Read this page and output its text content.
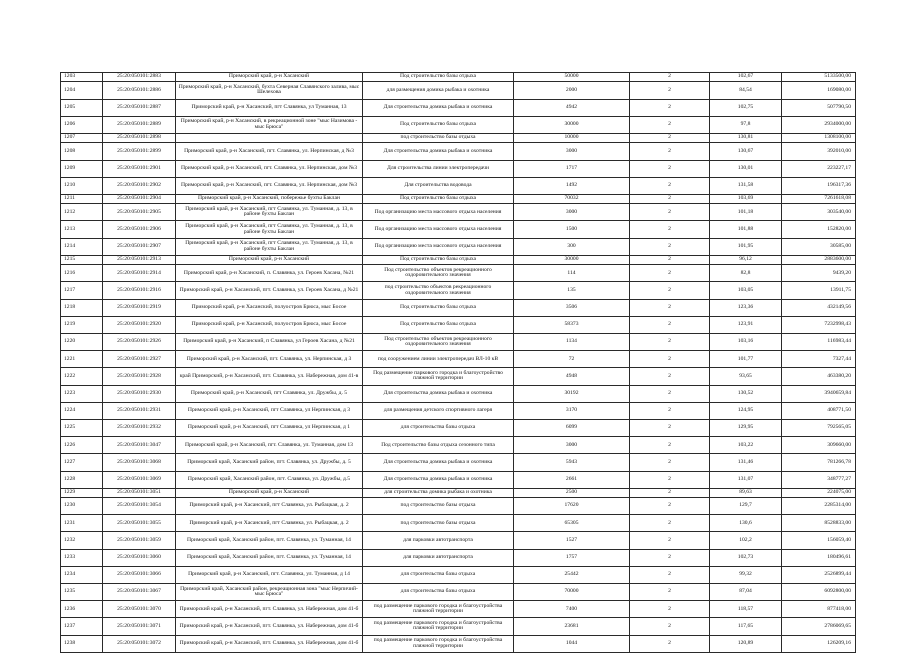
1203	25:20:050101:2883	Приморский край, р-н Хасанский	Под строительство базы отдыха	50000	2	102,67	5133500,00
1204	25:20:050101:2886	Приморский край, р-н Хасанский, бухта Северная Славянского залива, мыс Шелехова	для размещения домика рыбака и охотника	2000	2	84,54	169080,00
1205	25:20:050101:2887	Приморский край, р-н Хасанский, пгт Славянка, ул Туманная, 13	Для строительства домика рыбака и охотника	4942	2	102,75	507790,50
1206	25:20:050101:2889	Приморский край, р-н Хасанский, в рекреационной зоне "мыс Назимова - мыс Брюса"	Под строительство базы отдыха	30000	2	97,8	2934000,00
1207	25:20:050101:2898		под строительство базы отдыха	10000	2	130,81	1308100,00
1208	25:20:050101:2899	Приморский край, р-н Хасанский, пгт. Славянка, ул. Нерпинская, д №3	Для строительства домика рыбака и охотника	3000	2	130,67	392010,00
1209	25:20:050101:2901	Приморский край, р-н Хасанский, пгт. Славянка, ул. Нерпинская, дом №3	Для строительства линии электропередачи	1717	2	130,01	223227,17
1210	25:20:050101:2902	Приморский край, р-н Хасанский, пгт. Славянка, ул. Нерпинская, дом №3	Для строительства водовода	1492	2	131,58	196317,36
1211	25:20:050101:2904	Приморский край, р-н Хасанский, побережье бухты Баклан	Под строительство базы отдыха	70032	2	103,69	7261618,08
1212	25:20:050101:2905	Приморский край, р-н Хасанский, пгт Славянка, ул. Туманная, д. 13, в районе бухты Баклан	Под организацию места массового отдыха населения	3000	2	101,18	303540,00
1213	25:20:050101:2906	Приморский край, р-н Хасанский, пгт Славянка, ул. Туманная, д. 13, в районе бухты Баклан	Под организацию места массового отдыха населения	1500	2	101,88	152820,00
1214	25:20:050101:2907	Приморский край, р-н Хасанский, пгт Славянка, ул. Туманная, д. 13, в районе бухты Баклан	Под организацию места массового отдыха населения	300	2	101,95	30585,00
1215	25:20:050101:2913	Приморский край, р-н Хасанский	Под строительство базы отдыха	30000	2	96,12	2883600,00
1216	25:20:050101:2914	Приморский край, р-н Хасанский, п. Славянка, ул. Героев Хасана, №21	Под строительство объектов рекреационного оздоровительного значения	114	2	82,8	9439,20
1217	25:20:050101:2916	Приморский край, р-н Хасанский, пгт. Славянка, ул. Героев Хасана, д №21	под строительство объектов рекреационного оздоровительного значения	135	2	103,05	13911,75
1218	25:20:050101:2919	Приморский край, р-н Хасанский, полуостров Брюса, мыс Босое	Под строительство базы отдыха	3506	2	123,36	432149,56
1219	25:20:050101:2920	Приморский край, р-н Хасанский, полуостров Брюса, мыс Босое	Под строительство базы отдыха	58373	2	123,91	7232998,43
1220	25:20:050101:2926	Приморский край, р-н Хасанский, п Славянка, ул Героев Хасана, д №21	Под строительство объектов рекреационного оздоровительного значения	1134	2	103,16	116983,44
1221	25:20:050101:2927	Приморский край, р-н Хасанский, пгт. Славянка, ул. Нерпинская, д 3	под сооружением линии электропередач ВЛ-10 кВ	72	2	101,77	7327,44
1222	25:20:050101:2928	край Приморский, р-н Хасанский, пгт. Славянка, ул. Набережная, дом 41-в	Под размещение паркового городка и благоустройство пляжной территории	4948	2	93,65	463380,20
1223	25:20:050101:2930	Приморский край, р-н Хасанский, пгт Славянка, ул. Дружбы, д. 5	Для строительства домика рыбака и охотника	30192	2	130,52	3940659,84
1224	25:20:050101:2931	Приморский край, р-н Хасанский, пгт Славянка, ул Нерпинская, д 3	для размещения детского спортивного лагеря	3170	2	124,95	408771,50
1225	25:20:050101:2932	Приморский край, р-н Хасанский, пгт Славянка, ул Нерпинская, д 1	для строительства базы отдыха	6099	2	129,95	792565,05
1226	25:20:050101:3047	Приморский край, р-н Хасанский, пгт. Славянка, ул. Туманная, дом 13	Под строительство базы отдыха сезонного типа	3000	2	103,22	309660,00
1227	25:20:050101:3068	Приморский край, Хасанский район, пгт. Славянка, ул. Дружбы, д. 5	Для строительства домика рыбака и охотника	5943	2	131,46	781266,78
1228	25:20:050101:3069	Приморский край, Хасанский район, пгт. Славянка, ул. Дружбы, д.5	Для строительства домика рыбака и охотника	2661	2	131,07	348777,27
1229	25:20:050101:3051	Приморский край, р-н Хасанский	для строительства домика рыбака и охотника	2500	2	89,63	224075,00
1230	25:20:050101:3054	Приморский край, р-н Хасанский, пгт Славянка, ул. Рыбацкая, д. 2	под строительство базы отдыха	17620	2	129,7	2285314,00
1231	25:20:050101:3055	Приморский край, р-н Хасанский, пгт Славянка, ул. Рыбацкая, д. 2	под строительство базы отдыха	65305	2	130,6	8528833,00
1232	25:20:050101:3059	Приморский край, Хасанский район, пгт. Славянка, ул. Туманная, 14	для парковки автотранспорта	1527	2	102,2	156059,40
1233	25:20:050101:3060	Приморский край, Хасанский район, пгт. Славянка, ул. Туманная, 14	для парковки автотранспорта	1757	2	102,73	180496,61
1234	25:20:050101:3066	Приморский край, р-н Хасанский, пгт. Славянка, ул. Туманная, д 14	для строительства базы отдыха	25442	2	99,32	2526899,44
1235	25:20:050101:3067	Приморский край, Хасанский район, рекреационная зона "мыс Нерпичий-мыс Брюса"	для строительства базы отдыха	70000	2	87,04	6092800,00
1236	25:20:050101:3070	Приморский край, р-н Хасанский, пгт. Славянка, ул. Набережная, дом 41-б	под размещение паркового городка и благоустройства пляжной территории	7400	2	118,57	877418,00
1237	25:20:050101:3071	Приморский край, р-н Хасанский, пгт. Славянка, ул. Набережная, дом 41-б	под размещение паркового городка и благоустройства пляжной территории	23681	2	117,65	2786069,65
1238	25:20:050101:3072	Приморский край, р-н Хасанский, пгт. Славянка, ул. Набережная, дом 41-б	под размещение паркового городка и благоустройства пляжной территории	1044	2	120,89	126209,16
